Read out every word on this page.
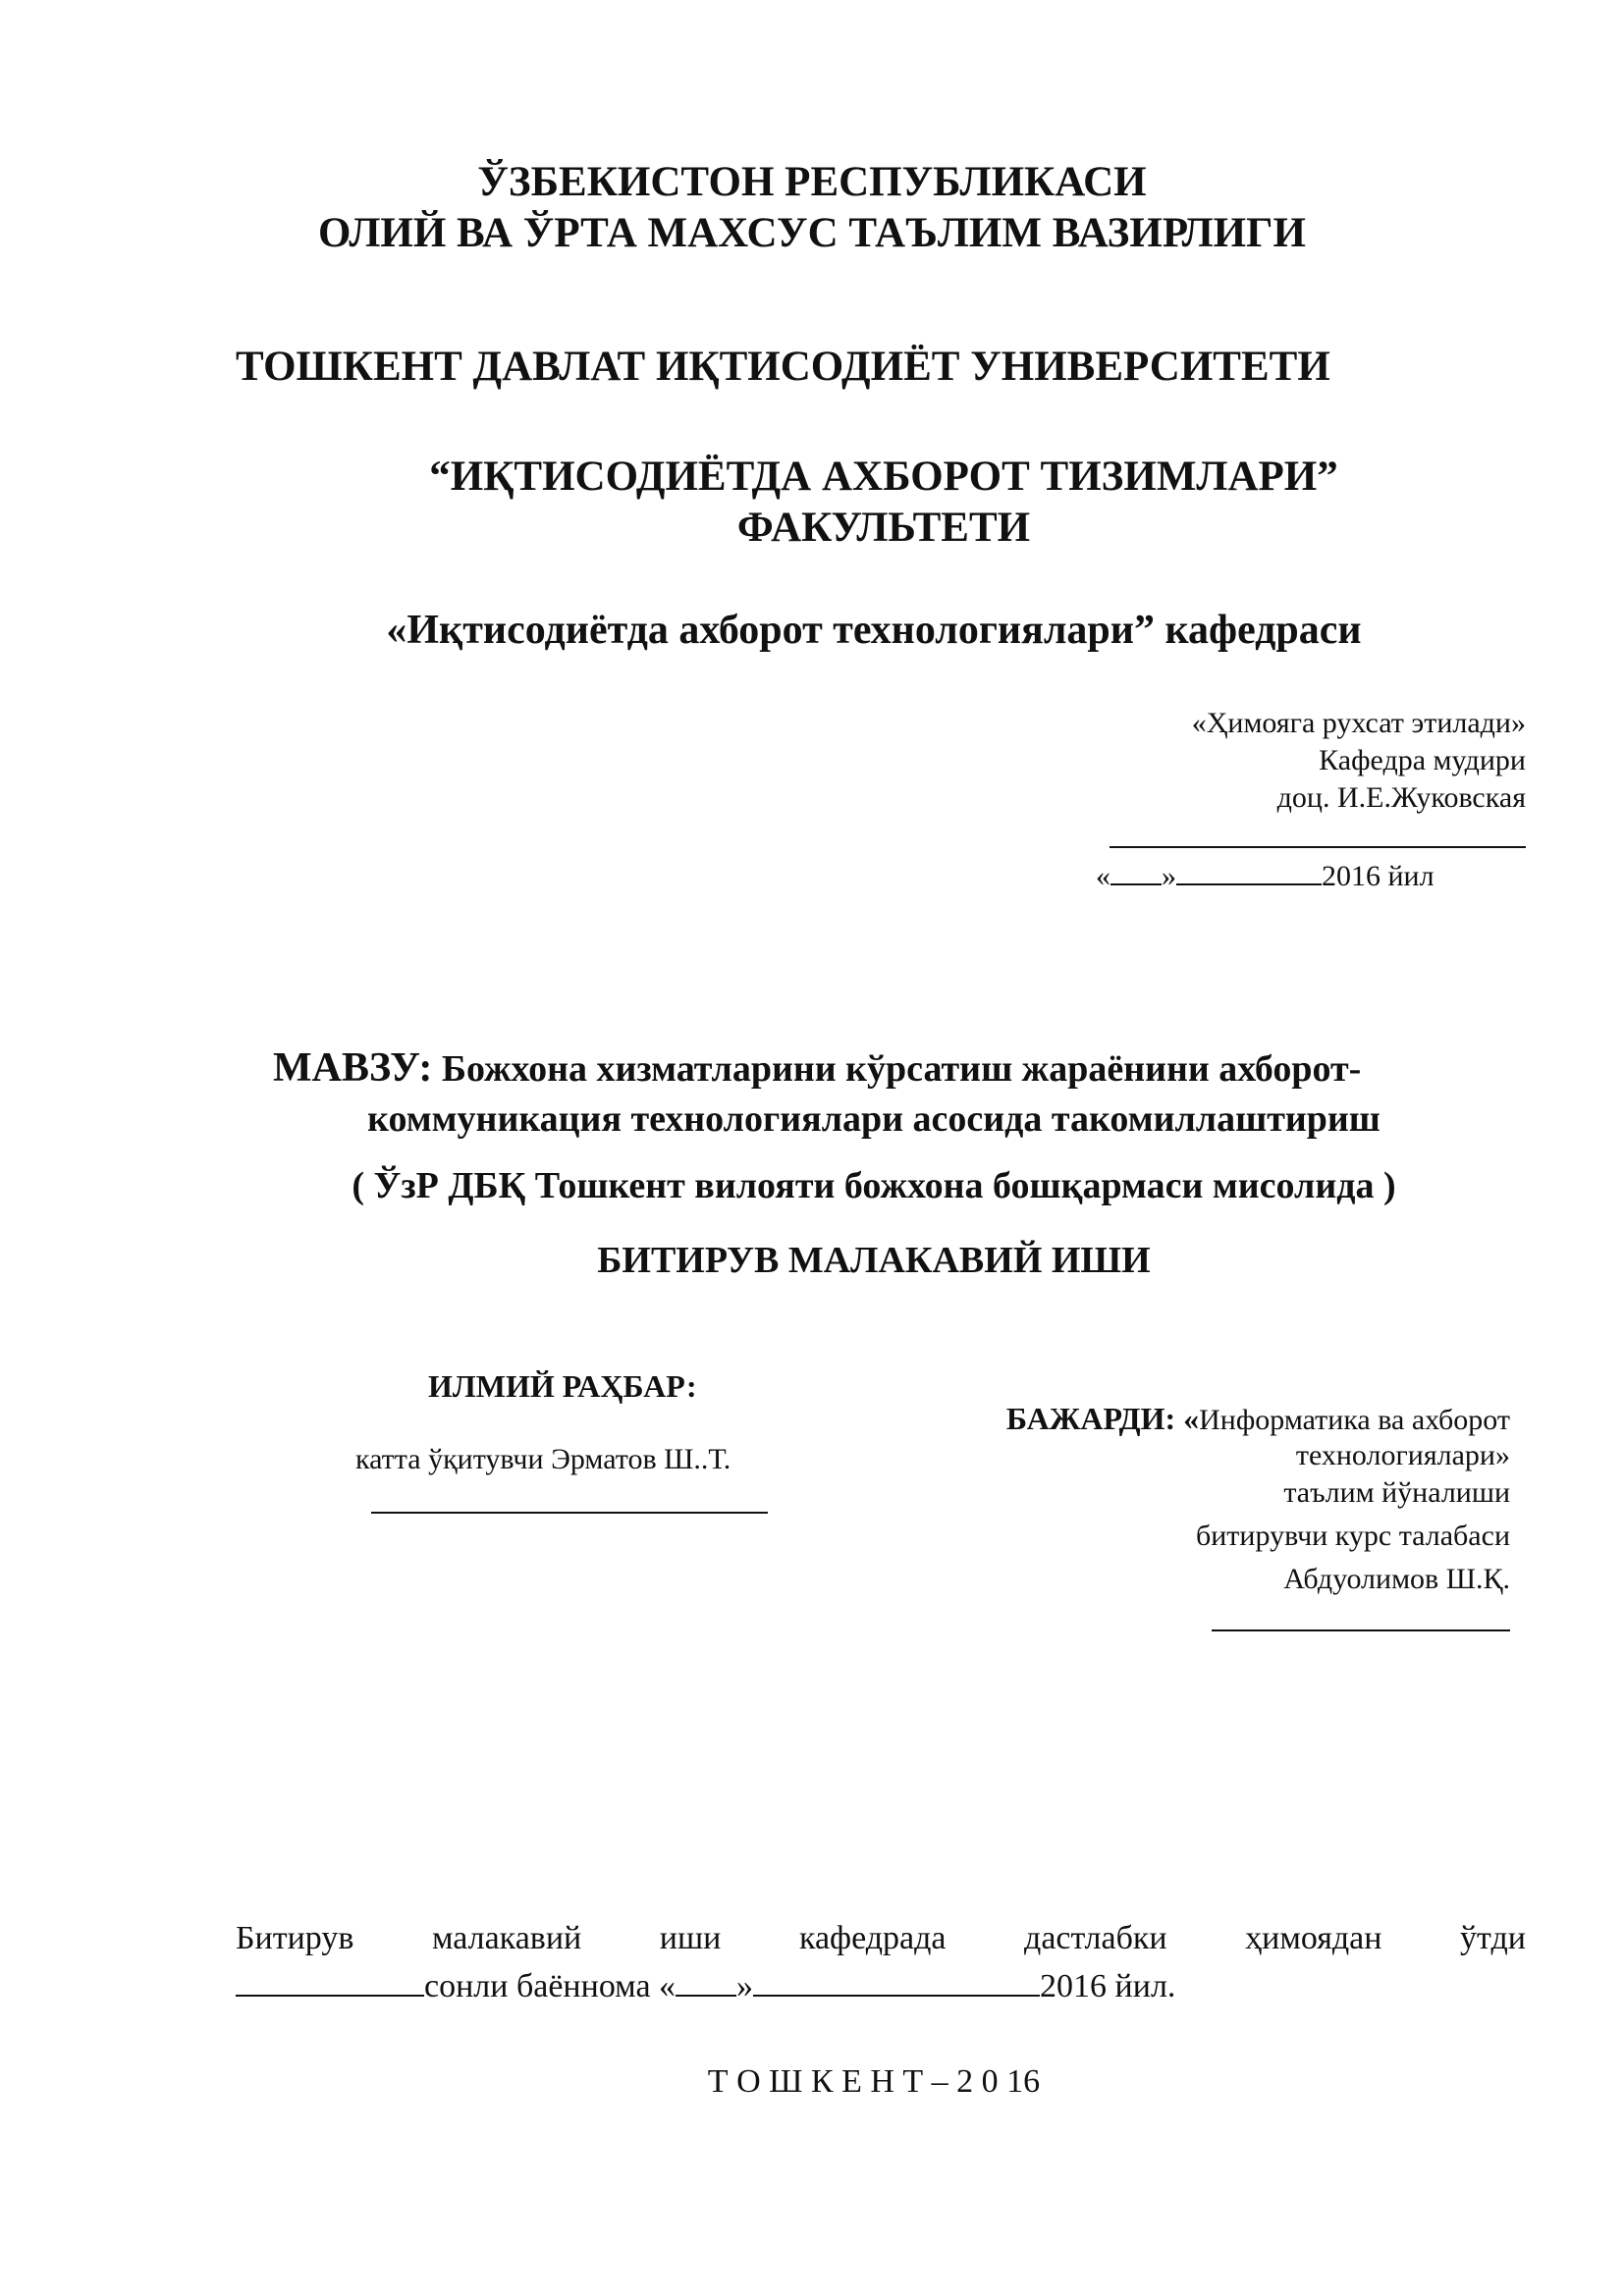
ЎЗБЕКИСТОН РЕСПУБЛИКАСИ
ОЛИЙ ВА ЎРТА МАХСУС ТАЪЛИМ ВАЗИРЛИГИ
ТОШКЕНТ ДАВЛАТ ИҚТИСОДИЁТ УНИВЕРСИТЕТИ
“ИҚТИСОДИЁТДА АХБОРОТ ТИЗИМЛАРИ”
ФАКУЛЬТЕТИ
«Иқтисодиётда ахборот технологиялари” кафедраси
«Ҳимояга рухсат этилади»
Кафедра мудири
доц. И.Е.Жуковская
« »	2016 йил
МАВЗУ: Божхона хизматларини кўрсатиш жараёнини ахборот-
коммуникация технологиялари асосида такомиллаштириш
( ЎзР ДБҚ Тошкент вилояти божхона бошқармаси мисолида )
БИТИРУВ МАЛАКАВИЙ ИШИ
ИЛМИЙ РАҲБАР:
катта ўқитувчи Эрматов Ш..Т.
БАЖАРДИ: «Информатика ва ахборот
технологиялари»
таълим йўналиши
битирувчи курс талабаси
Абдуолимов Ш.Қ.
Битирув малакавий иши кафедрада дастлабки ҳимоядан ўтди
сонли баённома « »	2016 йил.
Т О Ш К Е Н Т – 2 0 16
